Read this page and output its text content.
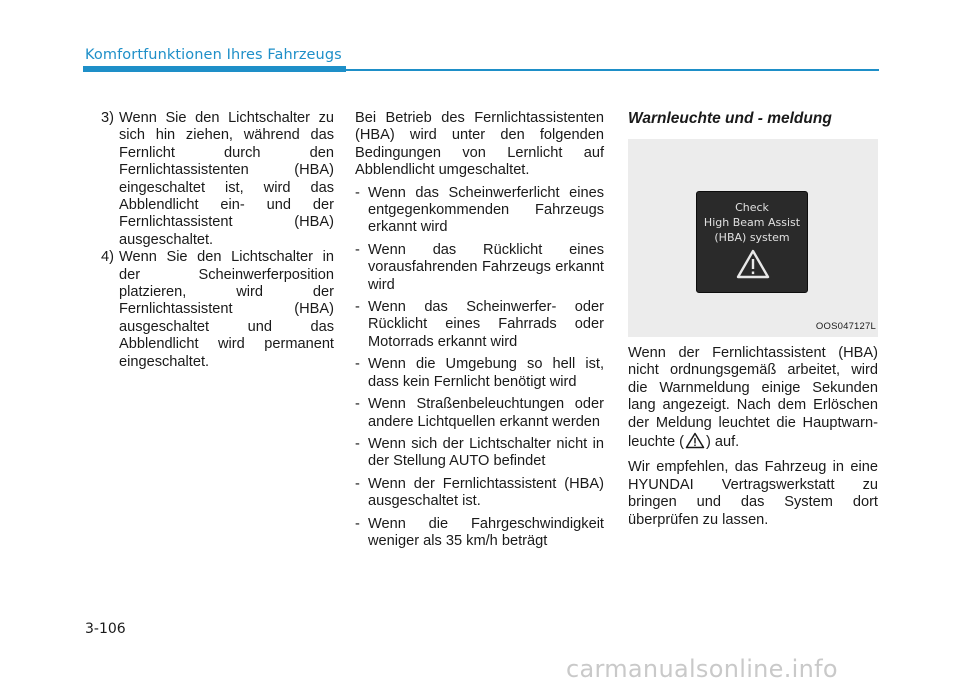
Komfortfunktionen Ihres Fahrzeugs
3) Wenn Sie den Lichtschalter zu sich hin ziehen, während das Fernlicht durch den Fernlichtassistenten (HBA) eingeschaltet ist, wird das Abblendlicht ein- und der Fernlichtassistent (HBA) ausgeschaltet.
4) Wenn Sie den Lichtschalter in der Scheinwerferposition platzieren, wird der Fernlichtassistent (HBA) ausgeschaltet und das Abblendlicht wird permanent eingeschaltet.
Bei Betrieb des Fernlichtassistenten (HBA) wird unter den folgenden Bedingungen von Lernlicht auf Abblendlicht umgeschaltet.
- Wenn das Scheinwerferlicht eines entgegenkommenden Fahrzeugs erkannt wird
- Wenn das Rücklicht eines vorausfahrenden Fahrzeugs erkannt wird
- Wenn das Scheinwerfer- oder Rücklicht eines Fahrrads oder Motorrads erkannt wird
- Wenn die Umgebung so hell ist, dass kein Fernlicht benötigt wird
- Wenn Straßenbeleuchtungen oder andere Lichtquellen erkannt werden
- Wenn sich der Lichtschalter nicht in der Stellung AUTO befindet
- Wenn der Fernlichtassistent (HBA) ausgeschaltet ist.
- Wenn die Fahrgeschwindigkeit weniger als 35 km/h beträgt
Warnleuchte und - meldung
Check
High Beam Assist
(HBA) system
OOS047127L
Wenn der Fernlichtassistent (HBA) nicht ordnungsgemäß arbeitet, wird die Warnmeldung einige Sekunden lang angezeigt. Nach dem Erlöschen der Meldung leuchtet die Hauptwarn-leuchte ( ) auf.
Wir empfehlen, das Fahrzeug in eine HYUNDAI Vertragswerkstatt zu bringen und das System dort überprüfen zu lassen.
3-106
carmanualsonline.info
